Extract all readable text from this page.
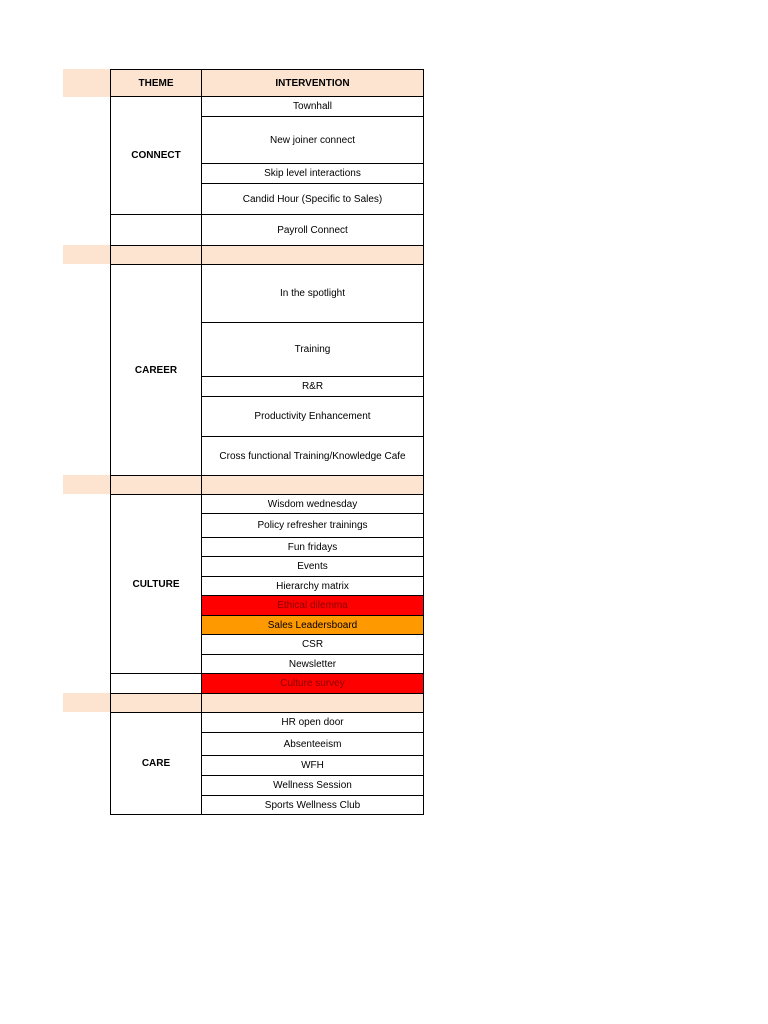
THEME	INTERVENTION
CONNECT
Townhall
New joiner connect
Skip level interactions
Candid Hour (Specific to Sales)
Payroll Connect
CAREER
In the spotlight
Training
R&R
Productivity Enhancement
Cross functional Training/Knowledge Cafe
CULTURE
Wisdom wednesday
Policy refresher trainings
Fun fridays
Events
Hierarchy matrix
Ethical dilemma
Sales Leadersboard
CSR
Newsletter
Culture survey
CARE
HR open door
Absenteeism
WFH
Wellness Session
Sports Wellness Club
